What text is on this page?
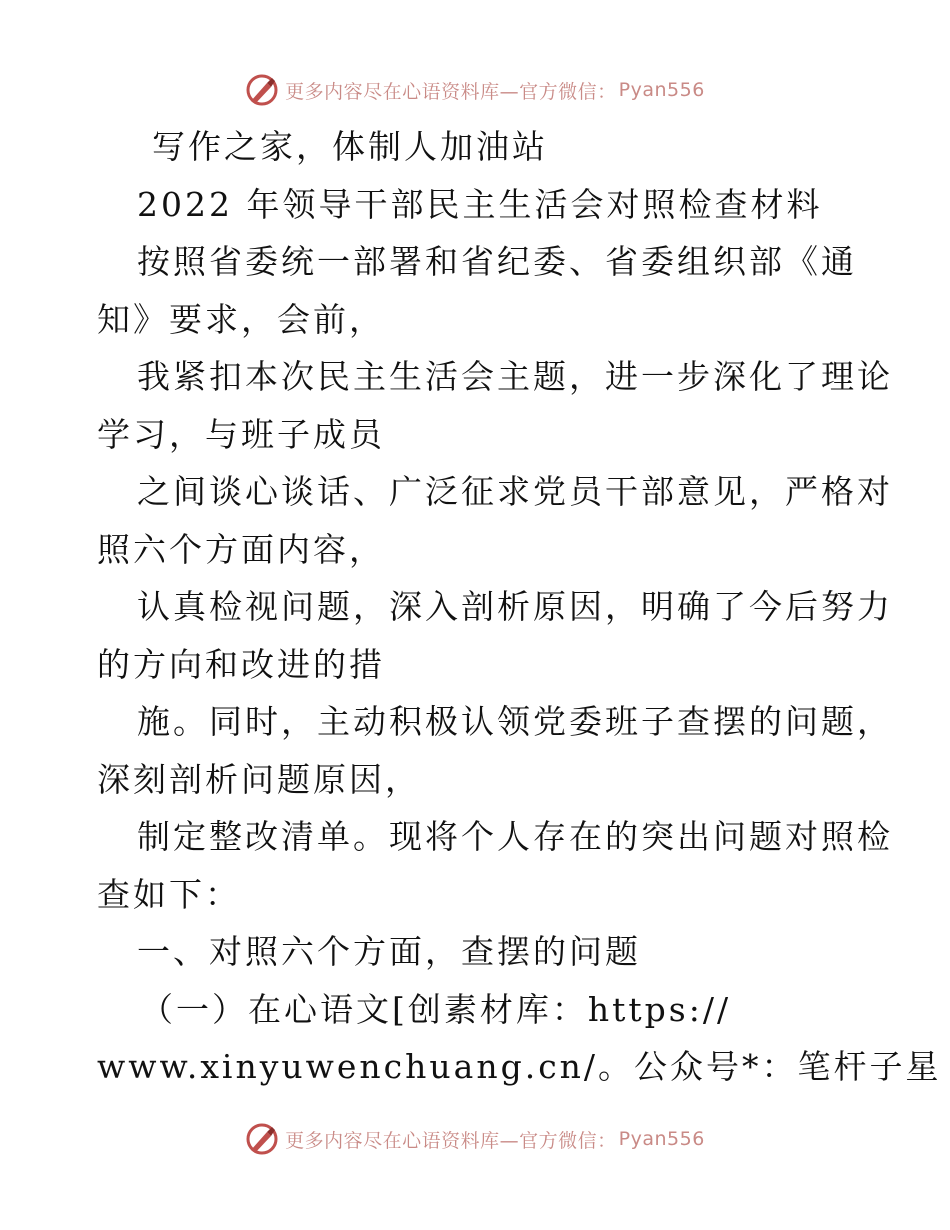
更多内容尽在心语资料库—官方微信： Pyan556
写作之家，体制人加油站
2022 年领导干部民主生活会对照检查材料
按照省委统一部署和省纪委、省委组织部《通
知》要求，会前，
我紧扣本次民主生活会主题，进一步深化了理论
学习，与班子成员
之间谈心谈话、广泛征求党员干部意见，严格对
照六个方面内容，
认真检视问题，深入剖析原因，明确了今后努力
的方向和改进的措
施。同时，主动积极认领党委班子查摆的问题，
深刻剖析问题原因，
制定整改清单。现将个人存在的突出问题对照检
查如下：
一、对照六个方面，查摆的问题
（一）在心语文[创素材库：https://
www.xinyuwenchuang.cn/。公众号*：笔杆子星
更多内容尽在心语资料库—官方微信： Pyan556
